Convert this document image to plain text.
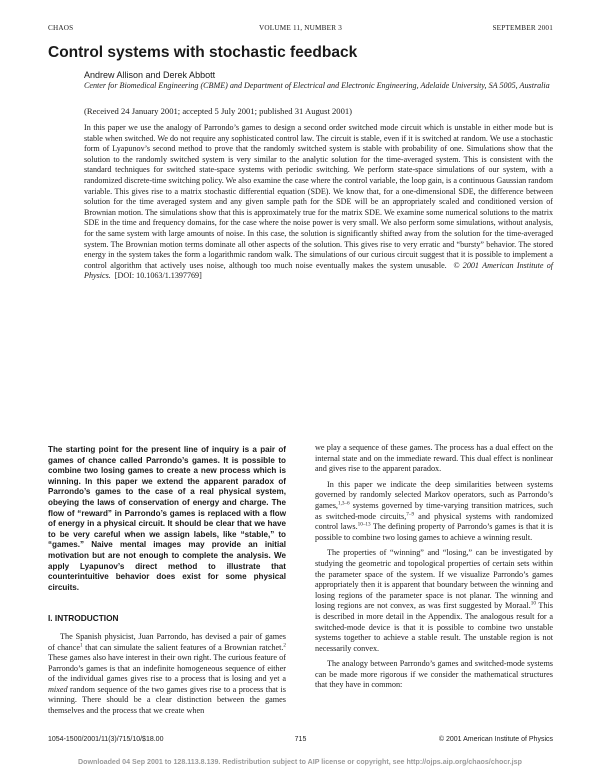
CHAOS	VOLUME 11, NUMBER 3	SEPTEMBER 2001
Control systems with stochastic feedback
Andrew Allison and Derek Abbott
Center for Biomedical Engineering (CBME) and Department of Electrical and Electronic Engineering, Adelaide University, SA 5005, Australia
(Received 24 January 2001; accepted 5 July 2001; published 31 August 2001)

In this paper we use the analogy of Parrondo’s games to design a second order switched mode circuit which is unstable in either mode but is stable when switched. We do not require any sophisticated control law. The circuit is stable, even if it is switched at random. We use a stochastic form of Lyapunov’s second method to prove that the randomly switched system is stable with probability of one. Simulations show that the solution to the randomly switched system is very similar to the analytic solution for the time-averaged system. This is consistent with the standard techniques for switched state-space systems with periodic switching. We perform state-space simulations of our system, with a randomized discrete-time switching policy. We also examine the case where the control variable, the loop gain, is a continuous Gaussian random variable. This gives rise to a matrix stochastic differential equation (SDE). We know that, for a one-dimensional SDE, the difference between solution for the time averaged system and any given sample path for the SDE will be an appropriately scaled and conditioned version of Brownian motion. The simulations show that this is approximately true for the matrix SDE. We examine some numerical solutions to the matrix SDE in the time and frequency domains, for the case where the noise power is very small. We also perform some simulations, without analysis, for the same system with large amounts of noise. In this case, the solution is significantly shifted away from the solution for the time-averaged system. The Brownian motion terms dominate all other aspects of the solution. This gives rise to very erratic and “bursty” behavior. The stored energy in the system takes the form a logarithmic random walk. The simulations of our curious circuit suggest that it is possible to implement a control algorithm that actively uses noise, although too much noise eventually makes the system unusable. © 2001 American Institute of Physics. [DOI: 10.1063/1.1397769]

The starting point for the present line of inquiry is a pair of games of chance called Parrondo’s games. It is possible to combine two losing games to create a new process which is winning. In this paper we extend the apparent paradox of Parrondo’s games to the case of a real physical system, obeying the laws of conservation of energy and charge. The flow of “reward” in Parrondo’s games is replaced with a flow of energy in a physical circuit. It should be clear that we have to be very careful when we assign labels, like “stable,” to “games.” Naive mental images may provide an initial motivation but are not enough to complete the analysis. We apply Lyapunov’s direct method to illustrate that counterintuitive behavior does exist for some physical circuits.

I. INTRODUCTION

The Spanish physicist, Juan Parrondo, has devised a pair of games of chance$^1$ that can simulate the salient features of a Brownian ratchet.$^2$ These games also have interest in their own right. The curious feature of Parrondo’s games is that an indefinite homogeneous sequence of either of the individual games gives rise to a process that is losing and yet a mixed random sequence of the two games gives rise to a process that is winning. There should be a clear distinction between the games themselves and the process that we create when

we play a sequence of these games. The process has a dual effect on the internal state and on the immediate reward. This dual effect is nonlinear and gives rise to the apparent paradox.

In this paper we indicate the deep similarities between systems governed by randomly selected Markov operators, such as Parrondo’s games,$^{1,3-6}$ systems governed by time-varying transition matrices, such as switched-mode circuits,$^{7-9}$ and physical systems with randomized control laws.$^{10-13}$ The defining property of Parrondo’s games is that it is possible to combine two losing games to achieve a winning result.

The properties of “winning” and “losing,” can be investigated by studying the geometric and topological properties of certain sets within the parameter space of the system. If we visualize Parrondo’s games appropriately then it is apparent that boundary between the winning and losing regions of the parameter space is not planar. The winning and losing regions are not convex, as was first suggested by Moraal.$^{10}$ This is described in more detail in the Appendix. The analogous result for a switched-mode device is that it is possible to combine two unstable systems together to achieve a stable result. The unstable region is not necessarily convex.

The analogy between Parrondo’s games and switched-mode systems can be made more rigorous if we consider the mathematical structures that they have in common:

1054-1500/2001/11(3)/715/10/$18.00	715	© 2001 American Institute of Physics
Downloaded 04 Sep 2001 to 128.113.8.139. Redistribution subject to AIP license or copyright, see http://ojps.aip.org/chaos/chocr.jsp
